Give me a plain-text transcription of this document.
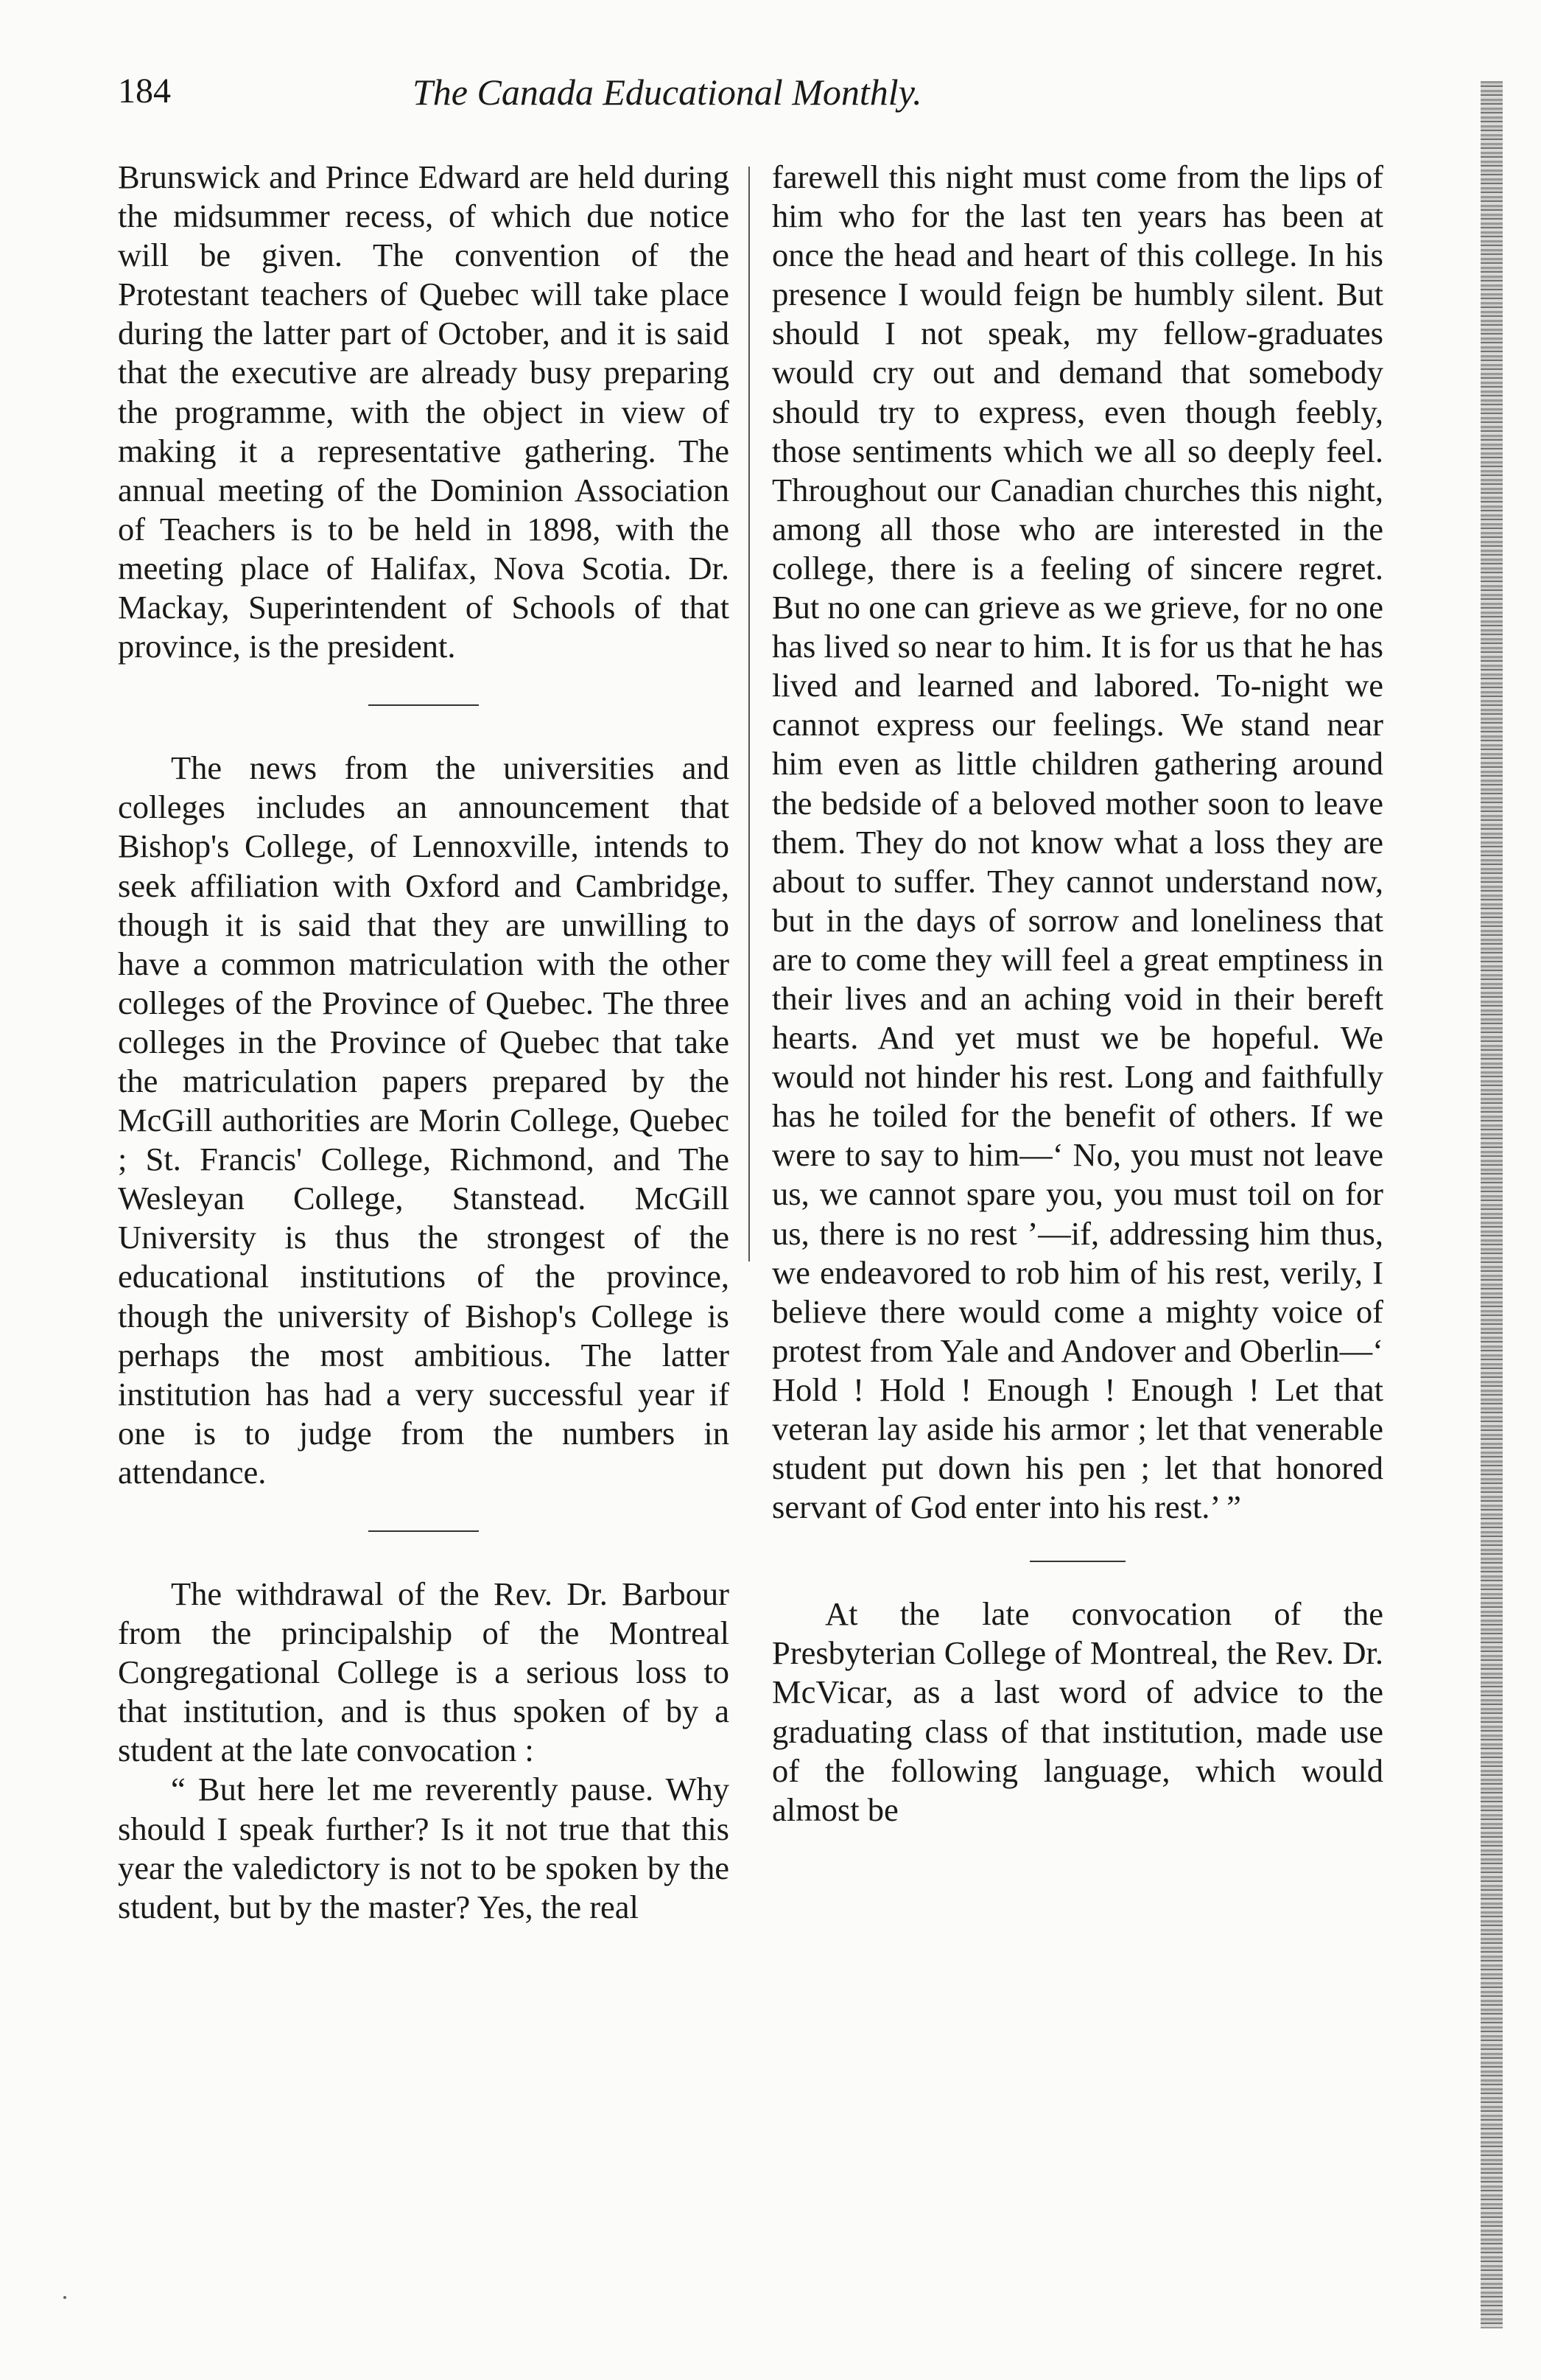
184	The Canada Educational Monthly.

Brunswick and Prince Edward are held during the midsummer recess, of which due notice will be given. The convention of the Protestant teachers of Quebec will take place during the latter part of October, and it is said that the executive are already busy preparing the programme, with the object in view of making it a representative gathering. The annual meeting of the Dominion Association of Teachers is to be held in 1898, with the meeting place of Halifax, Nova Scotia. Dr. Mackay, Superintendent of Schools of that province, is the president.

The news from the universities and colleges includes an announcement that Bishop's College, of Lennoxville, intends to seek affiliation with Oxford and Cambridge, though it is said that they are unwilling to have a common matriculation with the other colleges of the Province of Quebec. The three colleges in the Province of Quebec that take the matriculation papers prepared by the McGill authorities are Morin College, Quebec ; St. Francis' College, Richmond, and The Wesleyan College, Stanstead. McGill University is thus the strongest of the educational institutions of the province, though the university of Bishop's College is perhaps the most ambitious. The latter institution has had a very successful year if one is to judge from the numbers in attendance.

The withdrawal of the Rev. Dr. Barbour from the principalship of the Montreal Congregational College is a serious loss to that institution, and is thus spoken of by a student at the late convocation :

“ But here let me reverently pause. Why should I speak further? Is it not true that this year the valedictory is not to be spoken by the student, but by the master? Yes, the real

farewell this night must come from the lips of him who for the last ten years has been at once the head and heart of this college. In his presence I would feign be humbly silent. But should I not speak, my fellow-graduates would cry out and demand that somebody should try to express, even though feebly, those sentiments which we all so deeply feel. Throughout our Canadian churches this night, among all those who are interested in the college, there is a feeling of sincere regret. But no one can grieve as we grieve, for no one has lived so near to him. It is for us that he has lived and learned and labored. To-night we cannot express our feelings. We stand near him even as little children gathering around the bedside of a beloved mother soon to leave them. They do not know what a loss they are about to suffer. They cannot understand now, but in the days of sorrow and loneliness that are to come they will feel a great emptiness in their lives and an aching void in their bereft hearts. And yet must we be hopeful. We would not hinder his rest. Long and faithfully has he toiled for the benefit of others. If we were to say to him—‘ No, you must not leave us, we cannot spare you, you must toil on for us, there is no rest ’—if, addressing him thus, we endeavored to rob him of his rest, verily, I believe there would come a mighty voice of protest from Yale and Andover and Oberlin—‘ Hold ! Hold ! Enough ! Enough ! Let that veteran lay aside his armor ; let that venerable student put down his pen ; let that honored servant of God enter into his rest.’ ”

At the late convocation of the Presbyterian College of Montreal, the Rev. Dr. McVicar, as a last word of advice to the graduating class of that institution, made use of the following language, which would almost be
